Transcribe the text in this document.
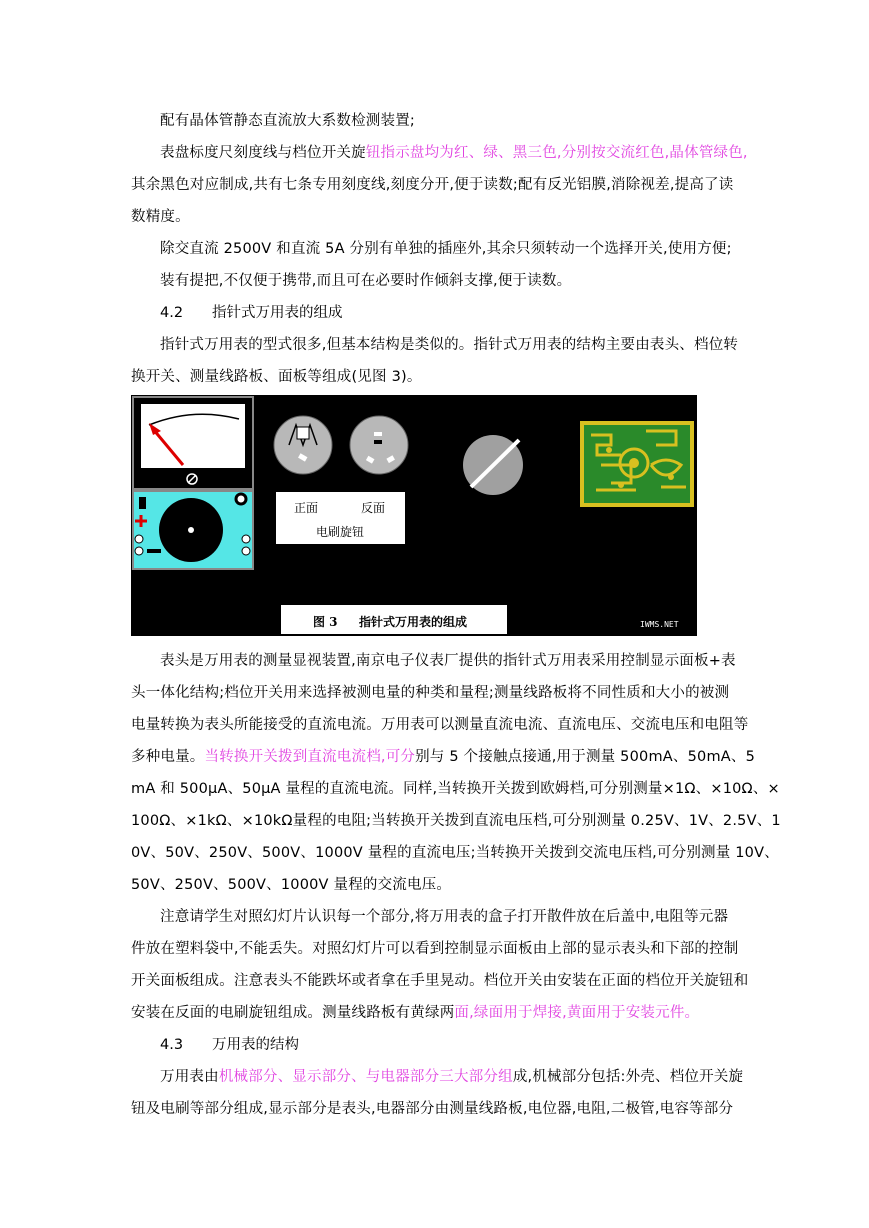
配有晶体管静态直流放大系数检测装置;
表盘标度尺刻度线与档位开关旋钮指示盘均为红、绿、黑三色,分别按交流红色,晶体管绿色,
其余黑色对应制成,共有七条专用刻度线,刻度分开,便于读数;配有反光铝膜,消除视差,提高了读
数精度。
除交直流 2500V 和直流 5A 分别有单独的插座外,其余只须转动一个选择开关,使用方便;
装有提把,不仅便于携带,而且可在必要时作倾斜支撑,便于读数。
4.2 指针式万用表的组成
指针式万用表的型式很多,但基本结构是类似的。指针式万用表的结构主要由表头、档位转
换开关、测量线路板、面板等组成(见图 3)。
正面	反面
电刷旋钮
图 3 指针式万用表的组成	IWMS.NET
表头是万用表的测量显视装置,南京电子仪表厂提供的指针式万用表采用控制显示面板+表
头一体化结构;档位开关用来选择被测电量的种类和量程;测量线路板将不同性质和大小的被测
电量转换为表头所能接受的直流电流。万用表可以测量直流电流、直流电压、交流电压和电阻等
多种电量。当转换开关拨到直流电流档,可分别与 5 个接触点接通,用于测量 500mA、50mA、5
mA 和 500μA、50μA 量程的直流电流。同样,当转换开关拨到欧姆档,可分别测量×1Ω、×10Ω、×
100Ω、×1kΩ、×10kΩ量程的电阻;当转换开关拨到直流电压档,可分别测量 0.25V、1V、2.5V、1
0V、50V、250V、500V、1000V 量程的直流电压;当转换开关拨到交流电压档,可分别测量 10V、
50V、250V、500V、1000V 量程的交流电压。
注意请学生对照幻灯片认识每一个部分,将万用表的盒子打开散件放在后盖中,电阻等元器
件放在塑料袋中,不能丢失。对照幻灯片可以看到控制显示面板由上部的显示表头和下部的控制
开关面板组成。注意表头不能跌坏或者拿在手里晃动。档位开关由安装在正面的档位开关旋钮和
安装在反面的电刷旋钮组成。测量线路板有黄绿两面,绿面用于焊接,黄面用于安装元件。
4.3 万用表的结构
万用表由机械部分、显示部分、与电器部分三大部分组成,机械部分包括:外壳、档位开关旋
钮及电刷等部分组成,显示部分是表头,电器部分由测量线路板,电位器,电阻,二极管,电容等部分
